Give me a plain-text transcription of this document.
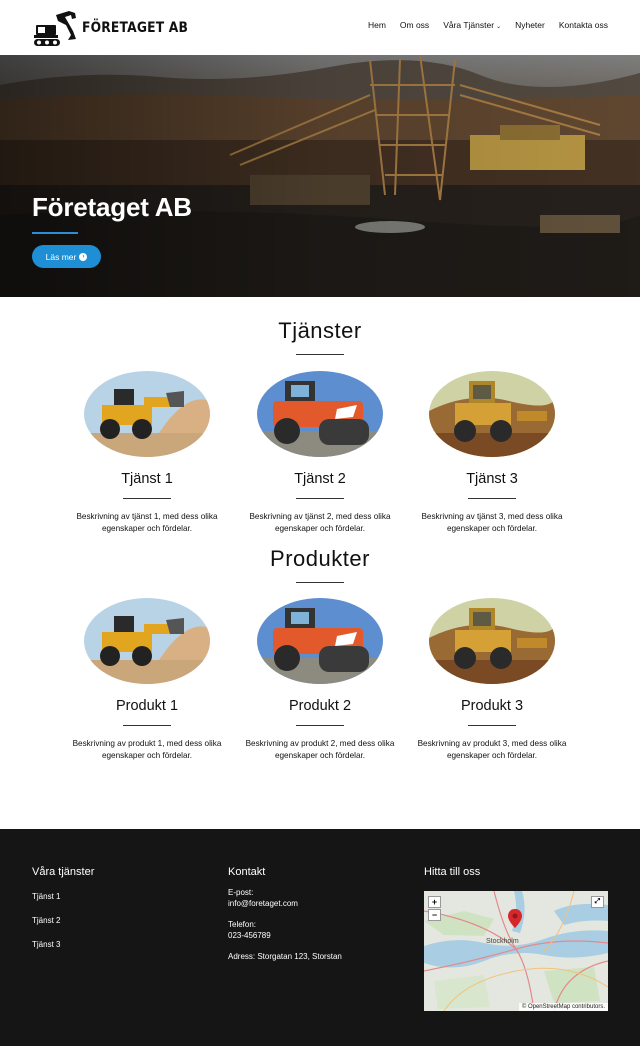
FÖRETAGET AB	Hem Om oss Våra Tjänster ⌄ Nyheter Kontakta oss
Företaget AB
Läs mer	›
Tjänster
Tjänst 1
Beskrivning av tjänst 1, med dess olika
egenskaper och fördelar.
Tjänst 2
Beskrivning av tjänst 2, med dess olika
egenskaper och fördelar.
Tjänst 3
Beskrivning av tjänst 3, med dess olika
egenskaper och fördelar.
Produkter
Produkt 1
Beskrivning av produkt 1, med dess olika
egenskaper och fördelar.
Produkt 2
Beskrivning av produkt 2, med dess olika
egenskaper och fördelar.
Produkt 3
Beskrivning av produkt 3, med dess olika
egenskaper och fördelar.
Våra tjänster
Tjänst 1
Tjänst 2
Tjänst 3
Kontakt
E-post:
info@foretaget.com
Telefon:
023-456789
Adress: Storgatan 123, Storstan
Hitta till oss
Stockholm
+
−
⤢
© OpenStreetMap contributors.
